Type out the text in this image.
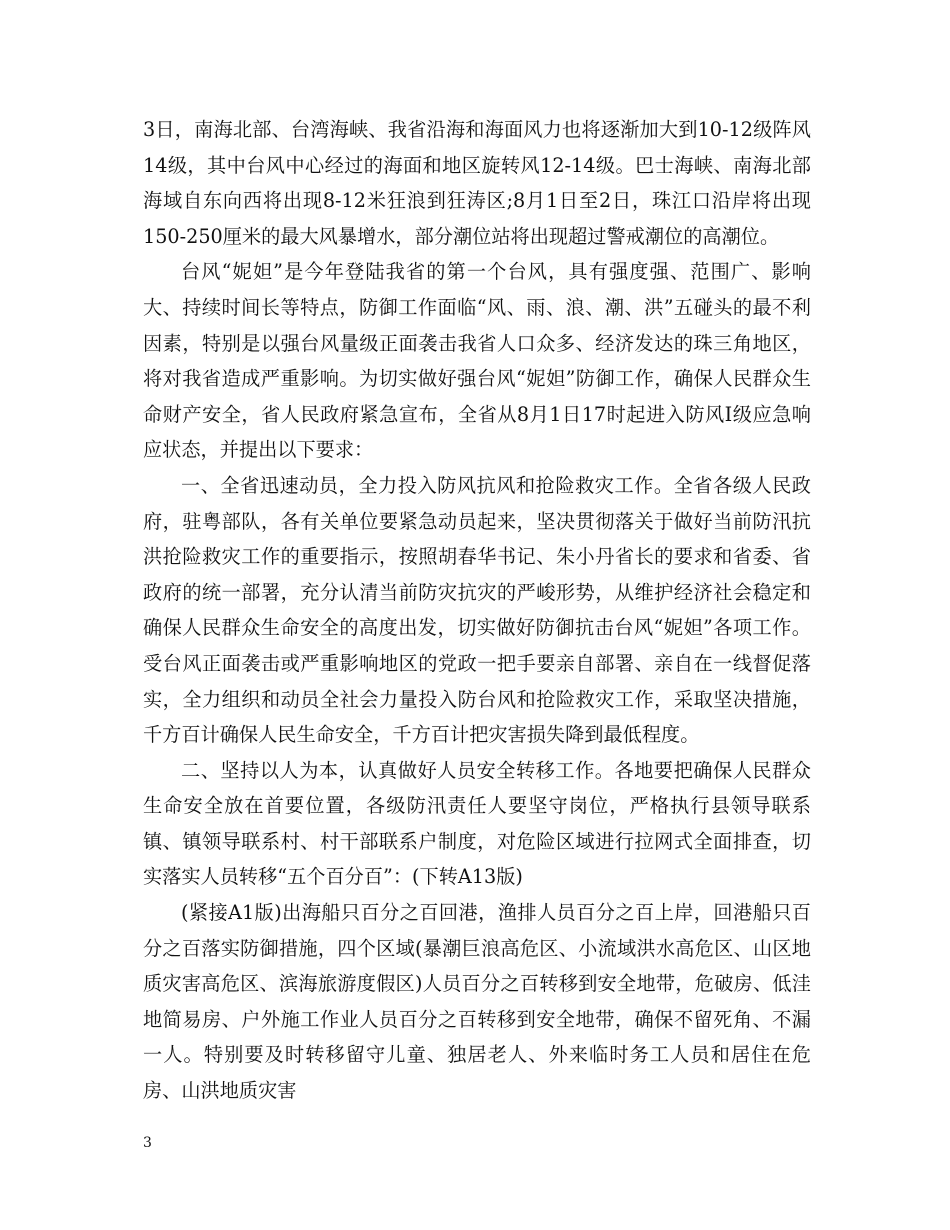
3日，南海北部、台湾海峡、我省沿海和海面风力也将逐渐加大到10-12级阵风14级，其中台风中心经过的海面和地区旋转风12-14级。巴士海峡、南海北部海域自东向西将出现8-12米狂浪到狂涛区;8月1日至2日，珠江口沿岸将出现150-250厘米的最大风暴增水，部分潮位站将出现超过警戒潮位的高潮位。

台风“妮妲”是今年登陆我省的第一个台风，具有强度强、范围广、影响大、持续时间长等特点，防御工作面临“风、雨、浪、潮、洪”五碰头的最不利因素，特别是以强台风量级正面袭击我省人口众多、经济发达的珠三角地区，将对我省造成严重影响。为切实做好强台风“妮妲”防御工作，确保人民群众生命财产安全，省人民政府紧急宣布，全省从8月1日17时起进入防风Ⅰ级应急响应状态，并提出以下要求：

一、全省迅速动员，全力投入防风抗风和抢险救灾工作。全省各级人民政府，驻粤部队，各有关单位要紧急动员起来，坚决贯彻落关于做好当前防汛抗洪抢险救灾工作的重要指示，按照胡春华书记、朱小丹省长的要求和省委、省政府的统一部署，充分认清当前防灾抗灾的严峻形势，从维护经济社会稳定和确保人民群众生命安全的高度出发，切实做好防御抗击台风“妮妲”各项工作。受台风正面袭击或严重影响地区的党政一把手要亲自部署、亲自在一线督促落实，全力组织和动员全社会力量投入防台风和抢险救灾工作，采取坚决措施，千方百计确保人民生命安全，千方百计把灾害损失降到最低程度。

二、坚持以人为本，认真做好人员安全转移工作。各地要把确保人民群众生命安全放在首要位置，各级防汛责任人要坚守岗位，严格执行县领导联系镇、镇领导联系村、村干部联系户制度，对危险区域进行拉网式全面排查，切实落实人员转移“五个百分百”：(下转A13版)

(紧接A1版)出海船只百分之百回港，渔排人员百分之百上岸，回港船只百分之百落实防御措施，四个区域(暴潮巨浪高危区、小流域洪水高危区、山区地质灾害高危区、滨海旅游度假区)人员百分之百转移到安全地带，危破房、低洼地简易房、户外施工作业人员百分之百转移到安全地带，确保不留死角、不漏一人。特别要及时转移留守儿童、独居老人、外来临时务工人员和居住在危房、山洪地质灾害

3
